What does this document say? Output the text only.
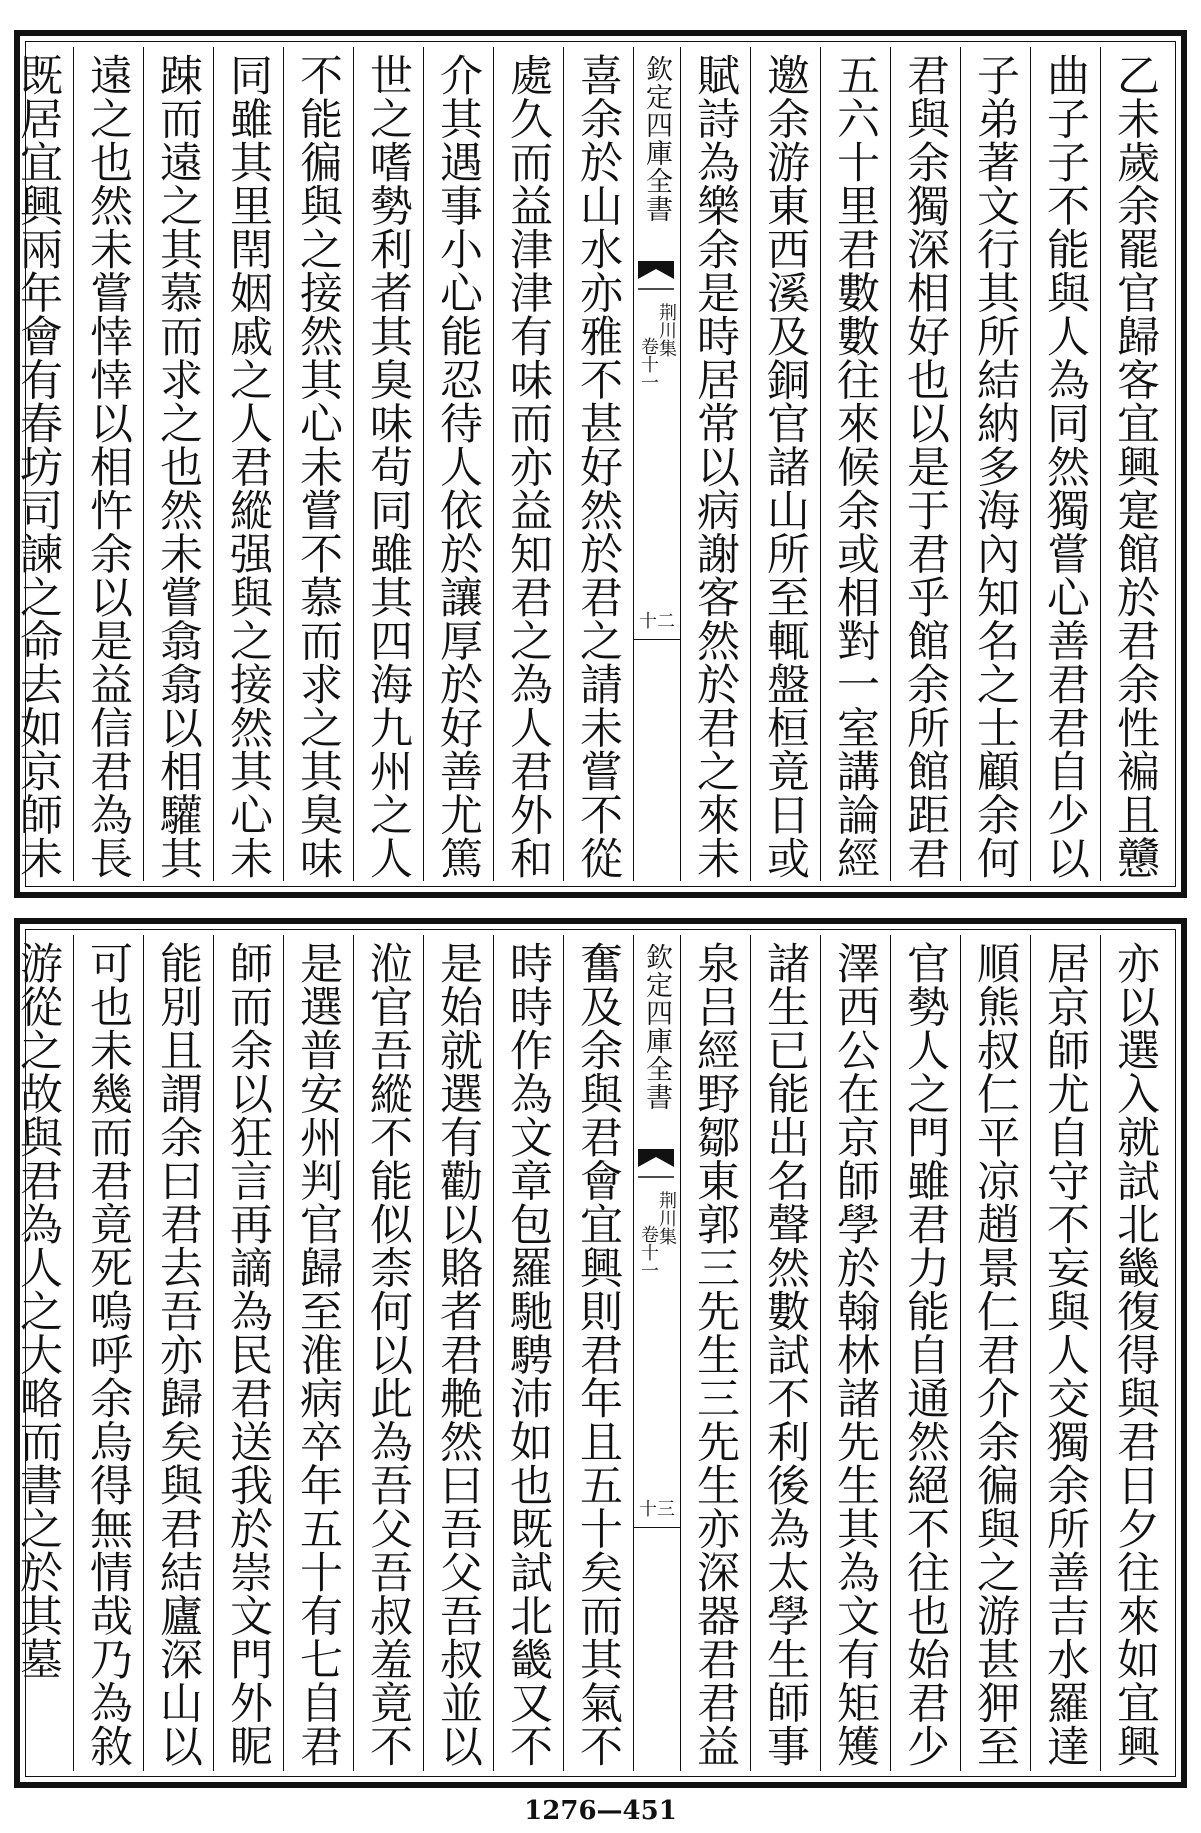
乙未歲余罷官歸客宜興寔館於君余性褊且戇
曲子子不能與人為同然獨嘗心善君君自少以
子弟著文行其所結納多海內知名之士顧余何
君與余獨深相好也以是于君乎館余所館距君
五六十里君數數往來候余或相對一室講論經
邀余游東西溪及銅官諸山所至輒盤桓竟日或
賦詩為樂余是時居常以病謝客然於君之來未
欽定四庫全書
荆川集
卷十一
十二
喜余於山水亦雅不甚好然於君之請未嘗不從
處久而益津津有味而亦益知君之為人君外和
介其遇事小心能忍待人依於讓厚於好善尤篤
世之嗜勢利者其臭味茍同雖其四海九州之人
不能徧與之接然其心未嘗不慕而求之其臭味
同雖其里閈姻戚之人君縱强與之接然其心未
踈而遠之其慕而求之也然未嘗翕翕以相驩其
遠之也然未嘗悻悻以相忤余以是益信君為長
既居宜興兩年會有春坊司諫之命去如京師未
亦以選入就試北畿復得與君日夕往來如宜興
居京師尤自守不妄與人交獨余所善吉水羅達
順熊叔仁平凉趙景仁君介余徧與之游甚狎至
官勢人之門雖君力能自通然絕不往也始君少
澤西公在京師學於翰林諸先生其為文有矩矱
諸生已能出名聲然數試不利後為太學生師事
泉吕經野鄒東郭三先生三先生亦深器君君益
欽定四庫全書
荆川集
卷十一
十三
奮及余與君會宜興則君年且五十矣而其氣不
時時作為文章包羅馳騁沛如也既試北畿又不
是始就選有勸以賂者君艴然曰吾父吾叔並以
涖官吾縱不能似柰何以此為吾父吾叔羞竟不
是選普安州判官歸至淮病卒年五十有七自君
師而余以狂言再謫為民君送我於崇文門外眤
能別且謂余曰君去吾亦歸矣與君結廬深山以
可也未幾而君竟死嗚呼余烏得無情哉乃為敘
游從之故與君為人之大略而書之於其墓
1276—451
